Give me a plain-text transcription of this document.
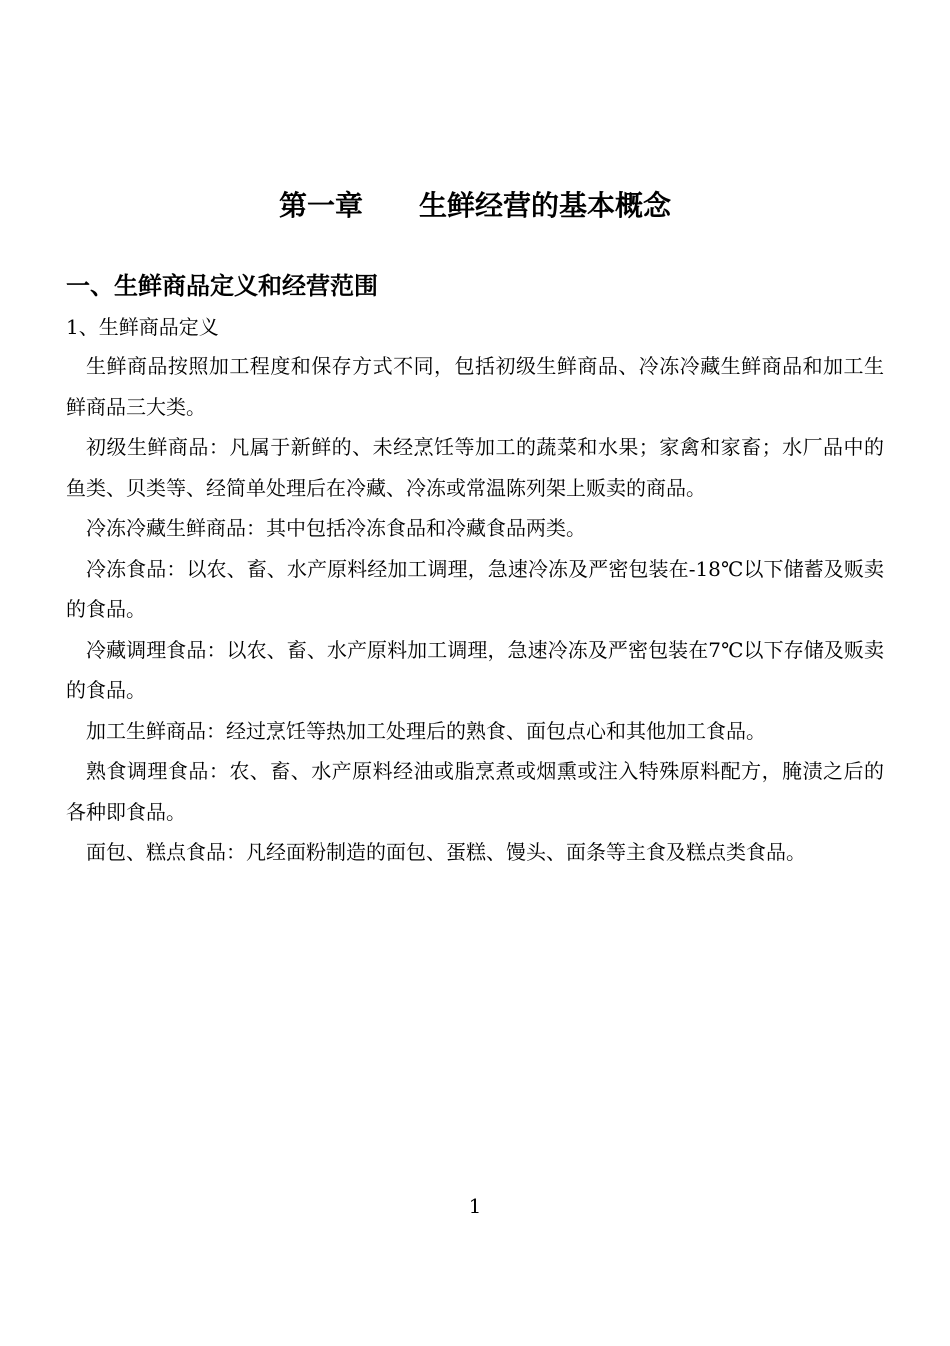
第一章　　生鲜经营的基本概念
一、生鲜商品定义和经营范围
1、生鲜商品定义

生鲜商品按照加工程度和保存方式不同，包括初级生鲜商品、冷冻冷藏生鲜商品和加工生鲜商品三大类。

初级生鲜商品：凡属于新鲜的、未经烹饪等加工的蔬菜和水果；家禽和家畜；水厂品中的鱼类、贝类等、经简单处理后在冷藏、冷冻或常温陈列架上贩卖的商品。

冷冻冷藏生鲜商品：其中包括冷冻食品和冷藏食品两类。

冷冻食品：以农、畜、水产原料经加工调理，急速冷冻及严密包装在-18℃以下储蓄及贩卖的食品。

冷藏调理食品：以农、畜、水产原料加工调理，急速冷冻及严密包装在7℃以下存储及贩卖的食品。

加工生鲜商品：经过烹饪等热加工处理后的熟食、面包点心和其他加工食品。

熟食调理食品：农、畜、水产原料经油或脂烹煮或烟熏或注入特殊原料配方，腌渍之后的各种即食品。

面包、糕点食品：凡经面粉制造的面包、蛋糕、馒头、面条等主食及糕点类食品。

1
